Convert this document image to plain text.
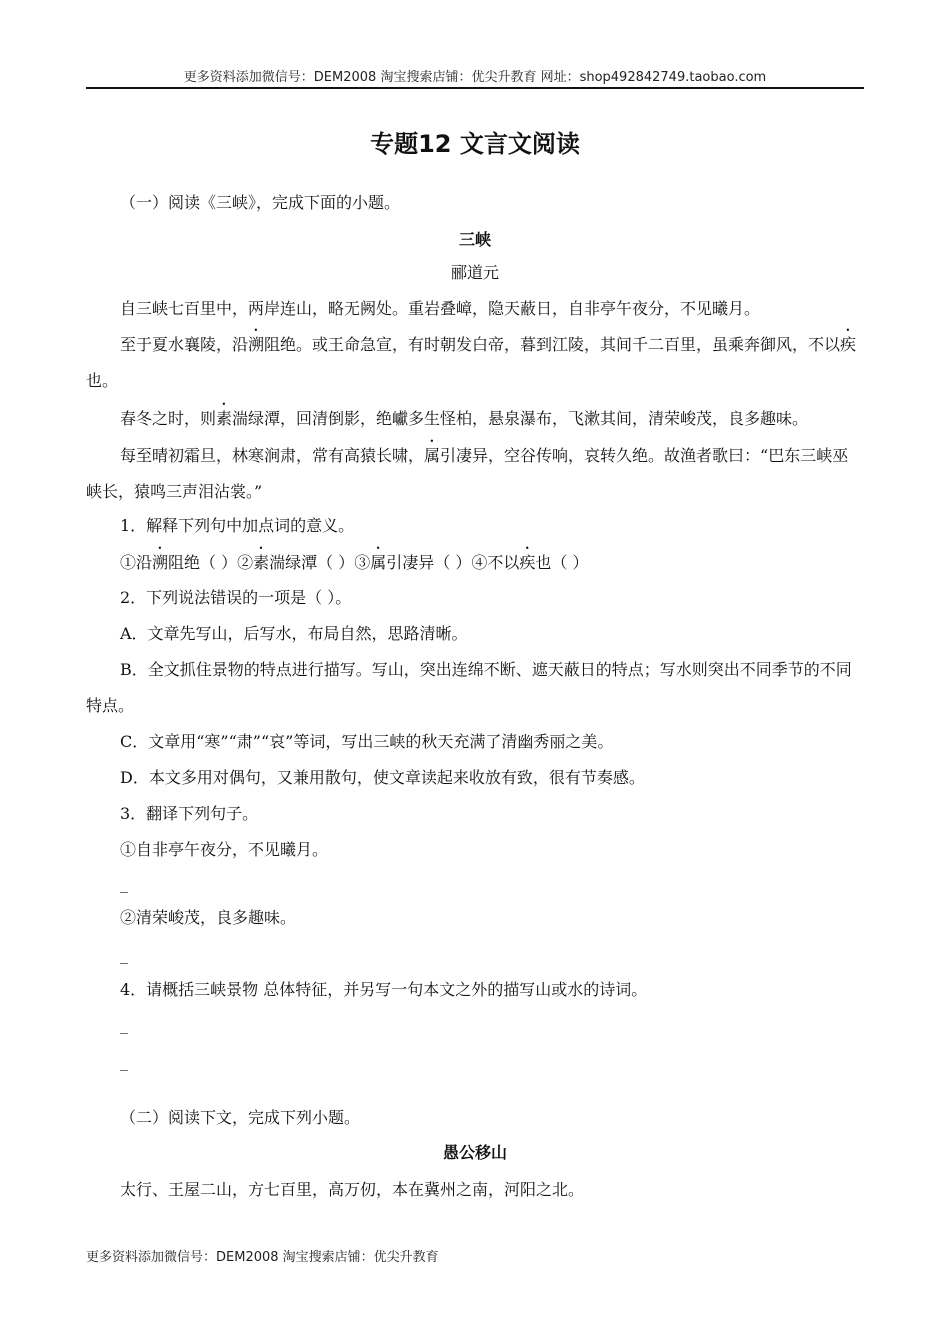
更多资料添加微信号：DEM2008 淘宝搜索店铺：优尖升教育 网址：shop492842749.taobao.com
专题12 文言文阅读
（一）阅读《三峡》，完成下面的小题。
三峡
郦道元
自三峡七百里中，两岸连山，略无阙处。重岩叠嶂，隐天蔽日，自非亭午夜分，不见曦月。
至于夏水襄陵，沿溯阻绝。或王命急宣，有时朝发白帝，暮到江陵，其间千二百里，虽乘奔御风，不以疾也。
春冬之时，则素湍绿潭，回清倒影，绝巘多生怪柏，悬泉瀑布，飞漱其间，清荣峻茂，良多趣味。
每至晴初霜旦，林寒涧肃，常有高猿长啸，属引凄异，空谷传响，哀转久绝。故渔者歌曰：“巴东三峡巫峡长，猿鸣三声泪沾裳。”
1．解释下列句中加点词的意义。
①沿溯阻绝（ ）②素湍绿潭（ ）③属引凄异（ ）④不以疾也（ ）
2．下列说法错误的一项是（ ）。
A．文章先写山，后写水，布局自然，思路清晰。
B．全文抓住景物的特点进行描写。写山，突出连绵不断、遮天蔽日的特点；写水则突出不同季节的不同特点。
C．文章用“寒”“肃”“哀”等词，写出三峡的秋天充满了清幽秀丽之美。
D．本文多用对偶句，又兼用散句，使文章读起来收放有致，很有节奏感。
3．翻译下列句子。
①自非亭午夜分，不见曦月。
_
②清荣峻茂，良多趣味。
_
4．请概括三峡景物 总体特征，并另写一句本文之外的描写山或水的诗词。
_
_
（二）阅读下文，完成下列小题。
愚公移山
太行、王屋二山，方七百里，高万仞，本在冀州之南，河阳之北。
更多资料添加微信号：DEM2008 淘宝搜索店铺：优尖升教育
